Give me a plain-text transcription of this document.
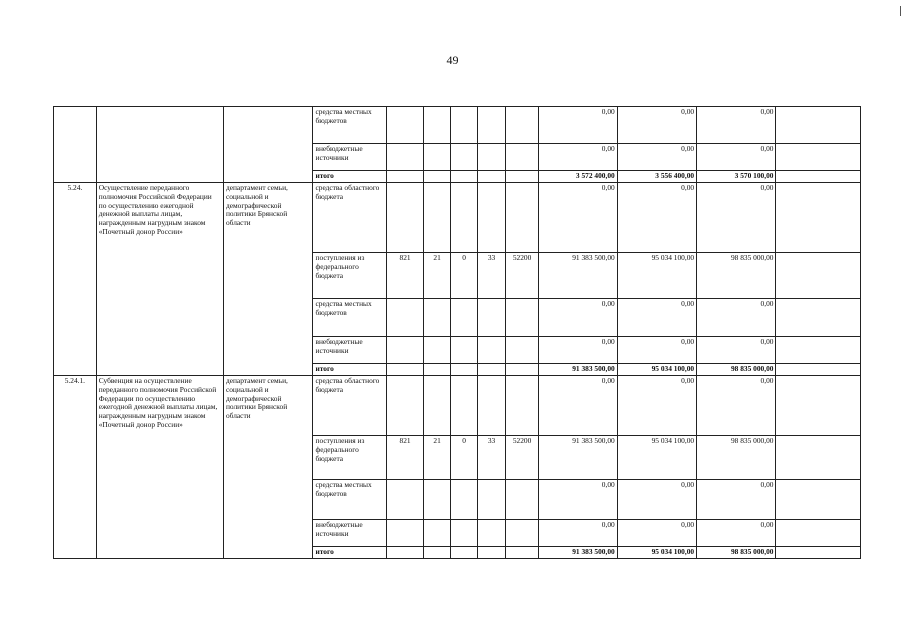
49
			средства местных бюджетов						0,00	0,00	0,00	
			внебюджетные источники						0,00	0,00	0,00	
			итого						3 572 400,00	3 556 400,00	3 570 100,00	
5.24.	Осуществление переданного полномочия Российской Федерации по осуществлению ежегодной денежной выплаты лицам, награжденным нагрудным знаком «Почетный донор России»	департамент семьи, социальной и демографической политики Брянской области	средства областного бюджета						0,00	0,00	0,00	
			поступления из федерального бюджета	821	21	0	33	52200	91 383 500,00	95 034 100,00	98 835 000,00	
			средства местных бюджетов						0,00	0,00	0,00	
			внебюджетные источники						0,00	0,00	0,00	
			итого						91 383 500,00	95 034 100,00	98 835 000,00	
5.24.1.	Субвенция на осуществление переданного полномочия Российской Федерации по осуществлению ежегодной денежной выплаты лицам, награжденным нагрудным знаком «Почетный донор России»	департамент семьи, социальной и демографической политики Брянской области	средства областного бюджета						0,00	0,00	0,00	
			поступления из федерального бюджета	821	21	0	33	52200	91 383 500,00	95 034 100,00	98 835 000,00	
			средства местных бюджетов						0,00	0,00	0,00	
			внебюджетные источники						0,00	0,00	0,00	
			итого						91 383 500,00	95 034 100,00	98 835 000,00	
